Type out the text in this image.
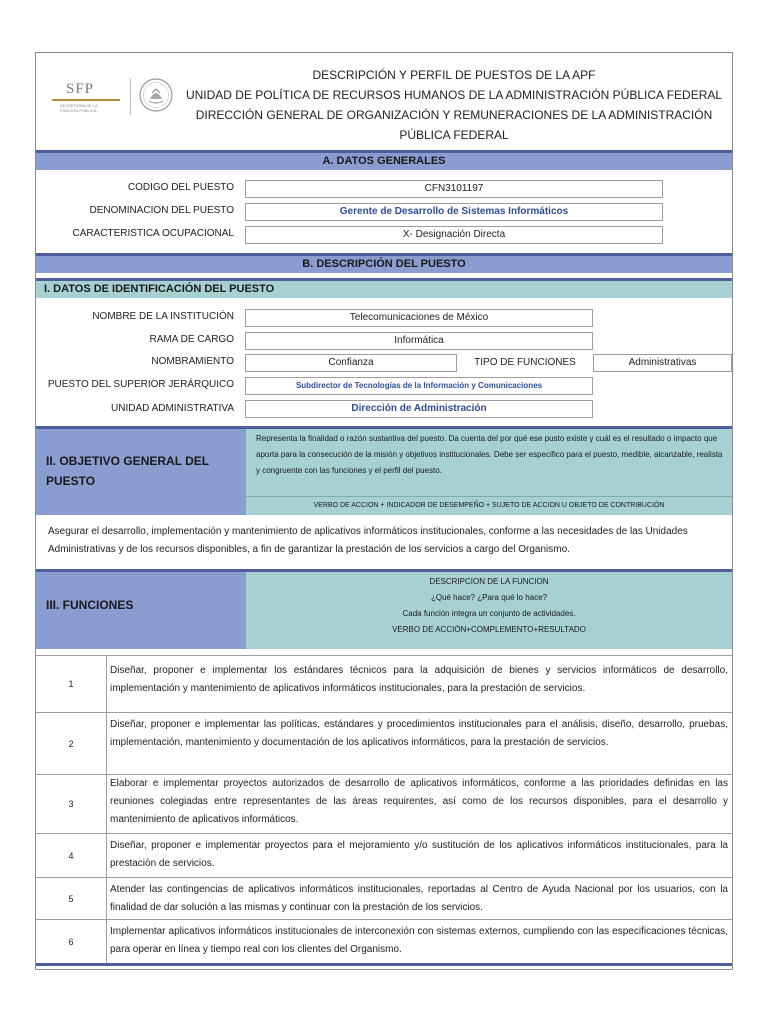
SFP
SECRETARÍA DE LA FUNCIÓN PÚBLICA
DESCRIPCIÓN Y PERFIL DE PUESTOS DE LA APF
UNIDAD DE POLÍTICA DE RECURSOS HUMANOS DE LA ADMINISTRACIÓN PÚBLICA FEDERAL
DIRECCIÓN GENERAL DE ORGANIZACIÓN Y REMUNERACIONES DE LA ADMINISTRACIÓN
PÚBLICA FEDERAL
A. DATOS GENERALES
CODIGO DEL PUESTO	CFN3101197
DENOMINACION DEL PUESTO	Gerente de Desarrollo de Sistemas Informáticos
CARACTERISTICA OCUPACIONAL	X- Designación Directa
B. DESCRIPCIÓN DEL PUESTO
I. DATOS DE IDENTIFICACIÓN DEL PUESTO
NOMBRE DE LA INSTITUCIÓN	Telecomunicaciones de México
RAMA DE CARGO	Informática
NOMBRAMIENTO	Confianza	TIPO DE FUNCIONES	Administrativas
PUESTO DEL SUPERIOR JERÁRQUICO	Subdirector de Tecnologías de la Información y Comunicaciones
UNIDAD ADMINISTRATIVA	Dirección de Administración
II. OBJETIVO GENERAL DEL PUESTO
Representa la finalidad o razón sustantiva del puesto. Da cuenta del por qué ese pusto existe y cuál es el resultado o impacto que aporta para la consecución de la misión y objetivos institucionales. Debe ser especifico para el puesto, medible, alcanzable, realista y congruente con las funciones y el perfil del puesto.
VERBO DE ACCION + INDICADOR DE DESEMPEÑO + SUJETO DE ACCION U OBJETO DE CONTRIBUCIÓN
Asegurar el desarrollo, implementación y mantenimiento de aplicativos informáticos institucionales, conforme a las necesidades de las Unidades Administrativas y de los recursos disponibles, a fin de garantizar la prestación de los servicios a cargo del Organismo.
III. FUNCIONES
DESCRIPCION DE LA FUNCION
¿Qué hace? ¿Para qué lo hace?
Cada función integra un conjunto de actividades.
VERBO DE ACCIÓN+COMPLEMENTO+RESULTADO
1
Diseñar, proponer e implementar los estándares técnicos para la adquisición de bienes y servicios informáticos de desarrollo, implementación y mantenimiento de aplicativos informáticos institucionales, para la prestación de servicios.
2
Diseñar, proponer e implementar las políticas, estándares y procedimientos institucionales para el análisis, diseño, desarrollo, pruebas, implementación, mantenimiento y documentación de los aplicativos informáticos, para la prestación de servicios.
3
Elaborar e implementar proyectos autorizados de desarrollo de aplicativos informáticos, conforme a las prioridades definidas en las reuniones colegiadas entre representantes de las áreas requirentes, así como de los recursos disponibles, para el desarrollo y mantenimiento de aplicativos informáticos.
4
Diseñar, proponer e implementar proyectos para el mejoramiento y/o sustitución de los aplicativos informáticos institucionales, para la prestación de servicios.
5
Atender las contingencias de aplicativos informáticos institucionales, reportadas al Centro de Ayuda Nacional por los usuarios, con la finalidad de dar solución a las mismas y continuar con la prestación de los servicios.
6
Implementar aplicativos informáticos institucionales de interconexión con sistemas externos, cumpliendo con las especificaciones técnicas, para operar en línea y tiempo real con los clientes del Organismo.
